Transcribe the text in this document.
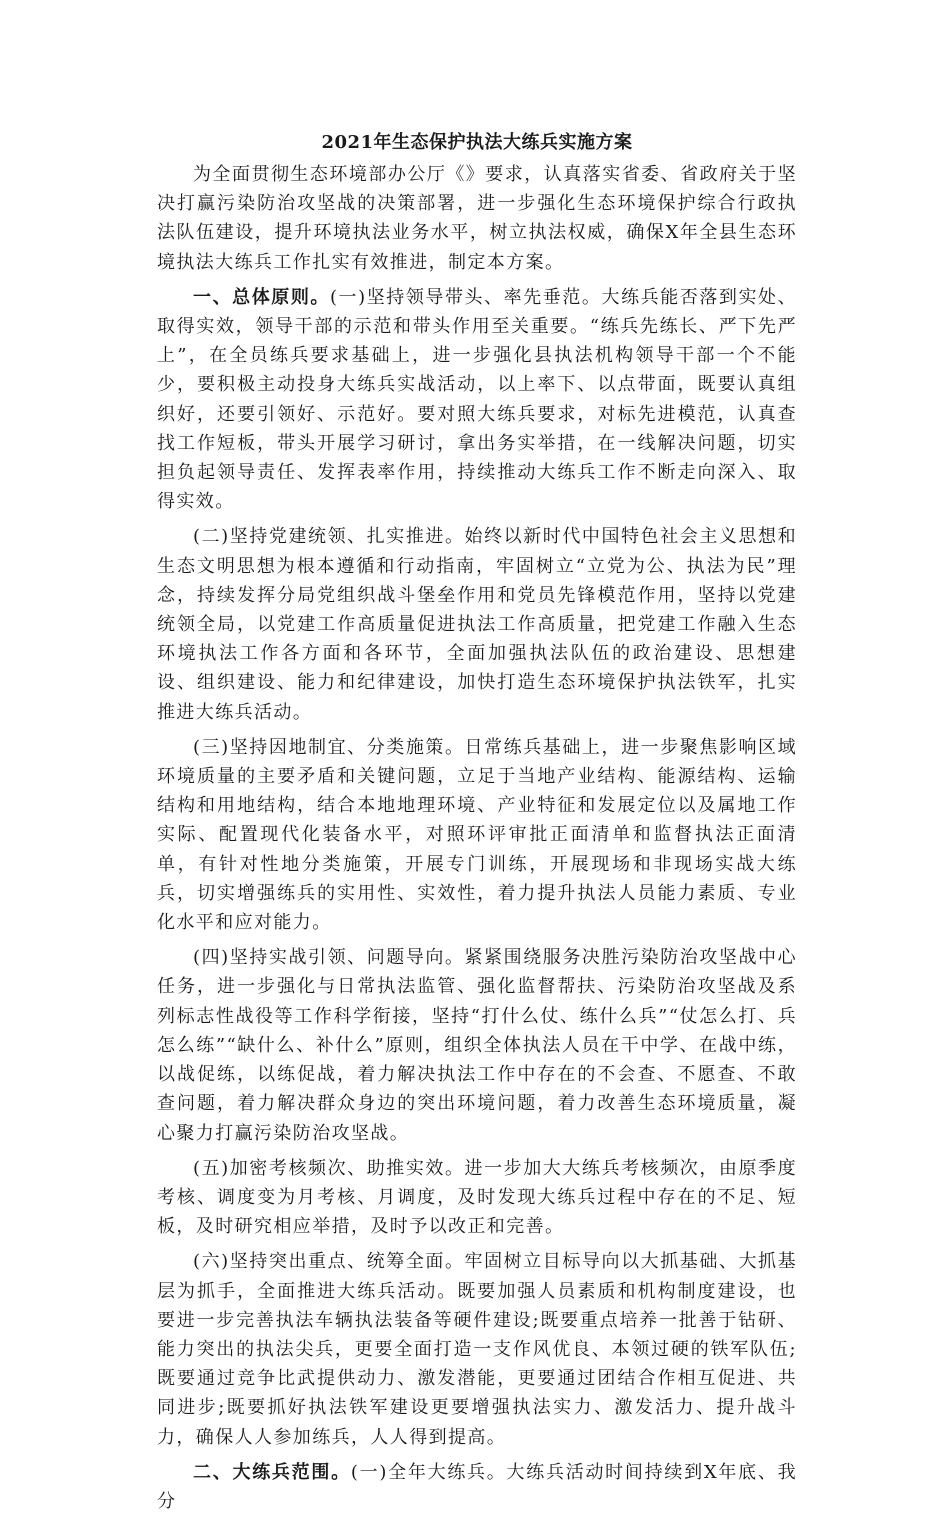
2021年生态保护执法大练兵实施方案

为全面贯彻生态环境部办公厅《》要求，认真落实省委、省政府关于坚决打赢污染防治攻坚战的决策部署，进一步强化生态环境保护综合行政执法队伍建设，提升环境执法业务水平，树立执法权威，确保X年全县生态环境执法大练兵工作扎实有效推进，制定本方案。

一、总体原则。(一)坚持领导带头、率先垂范。大练兵能否落到实处、取得实效，领导干部的示范和带头作用至关重要。“练兵先练长、严下先严上”，在全员练兵要求基础上，进一步强化县执法机构领导干部一个不能少，要积极主动投身大练兵实战活动，以上率下、以点带面，既要认真组织好，还要引领好、示范好。要对照大练兵要求，对标先进模范，认真查找工作短板，带头开展学习研讨，拿出务实举措，在一线解决问题，切实担负起领导责任、发挥表率作用，持续推动大练兵工作不断走向深入、取得实效。

(二)坚持党建统领、扎实推进。始终以新时代中国特色社会主义思想和生态文明思想为根本遵循和行动指南，牢固树立“立党为公、执法为民”理念，持续发挥分局党组织战斗堡垒作用和党员先锋模范作用，坚持以党建统领全局，以党建工作高质量促进执法工作高质量，把党建工作融入生态环境执法工作各方面和各环节，全面加强执法队伍的政治建设、思想建设、组织建设、能力和纪律建设，加快打造生态环境保护执法铁军，扎实推进大练兵活动。

(三)坚持因地制宜、分类施策。日常练兵基础上，进一步聚焦影响区域环境质量的主要矛盾和关键问题，立足于当地产业结构、能源结构、运输结构和用地结构，结合本地地理环境、产业特征和发展定位以及属地工作实际、配置现代化装备水平，对照环评审批正面清单和监督执法正面清单，有针对性地分类施策，开展专门训练，开展现场和非现场实战大练兵，切实增强练兵的实用性、实效性，着力提升执法人员能力素质、专业化水平和应对能力。

(四)坚持实战引领、问题导向。紧紧围绕服务决胜污染防治攻坚战中心任务，进一步强化与日常执法监管、强化监督帮扶、污染防治攻坚战及系列标志性战役等工作科学衔接，坚持“打什么仗、练什么兵”“仗怎么打、兵怎么练”“缺什么、补什么”原则，组织全体执法人员在干中学、在战中练，以战促练，以练促战，着力解决执法工作中存在的不会查、不愿查、不敢查问题，着力解决群众身边的突出环境问题，着力改善生态环境质量，凝心聚力打赢污染防治攻坚战。

(五)加密考核频次、助推实效。进一步加大大练兵考核频次，由原季度考核、调度变为月考核、月调度，及时发现大练兵过程中存在的不足、短板，及时研究相应举措，及时予以改正和完善。

(六)坚持突出重点、统筹全面。牢固树立目标导向以大抓基础、大抓基层为抓手，全面推进大练兵活动。既要加强人员素质和机构制度建设，也要进一步完善执法车辆执法装备等硬件建设;既要重点培养一批善于钻研、能力突出的执法尖兵，更要全面打造一支作风优良、本领过硬的铁军队伍;既要通过竞争比武提供动力、激发潜能，更要通过团结合作相互促进、共同进步;既要抓好执法铁军建设更要增强执法实力、激发活力、提升战斗力，确保人人参加练兵，人人得到提高。

二、大练兵范围。(一)全年大练兵。大练兵活动时间持续到X年底、我分
